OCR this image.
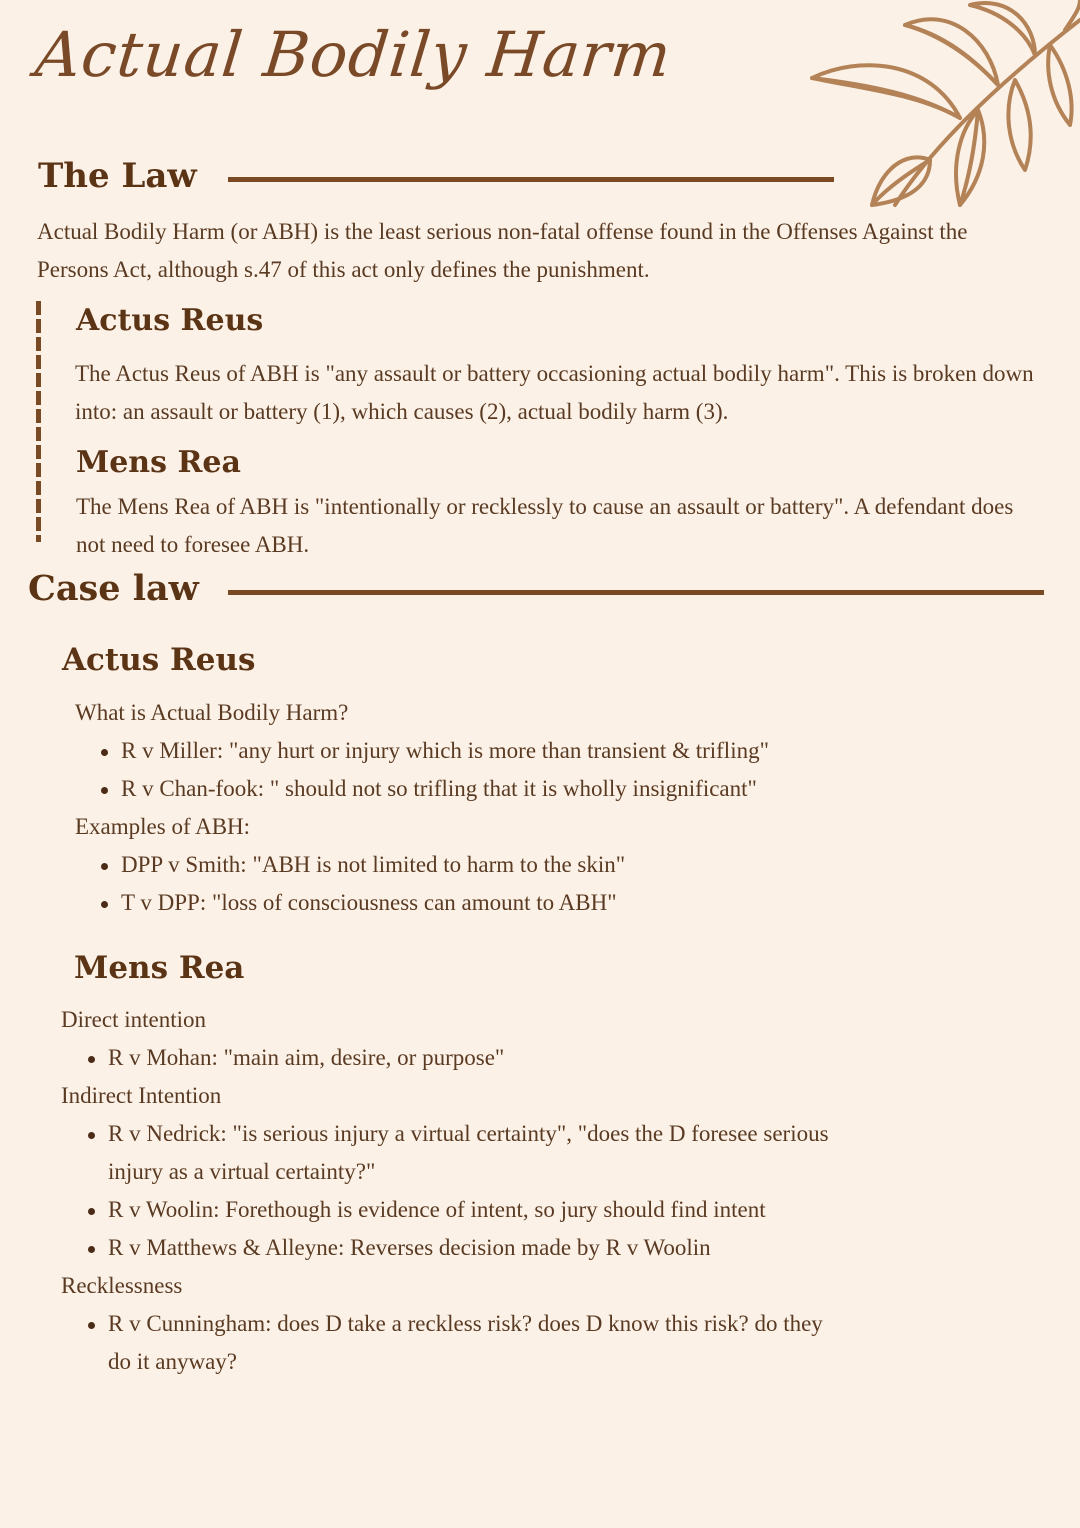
Actual Bodily Harm
The Law
Actual Bodily Harm (or ABH) is the least serious non-fatal offense found in the Offenses Against the Persons Act, although s.47 of this act only defines the punishment.
Actus Reus
The Actus Reus of ABH is "any assault or battery occasioning actual bodily harm". This is broken down into: an assault or battery (1), which causes (2), actual bodily harm (3).
Mens Rea
The Mens Rea of ABH is "intentionally or recklessly to cause an assault or battery". A defendant does not need to foresee ABH.
Case law
Actus Reus
What is Actual Bodily Harm?
R v Miller: "any hurt or injury which is more than transient & trifling"
R v Chan-fook: " should not so trifling that it is wholly insignificant"
Examples of ABH:
DPP v Smith: "ABH is not limited to harm to the skin"
T v DPP: "loss of consciousness can amount to ABH"
Mens Rea
Direct intention
R v Mohan: "main aim, desire, or purpose"
Indirect Intention
R v Nedrick: "is serious injury a virtual certainty", "does the D foresee serious
injury as a virtual certainty?"
R v Woolin: Forethough is evidence of intent, so jury should find intent
R v Matthews & Alleyne: Reverses decision made by R v Woolin
Recklessness
R v Cunningham: does D take a reckless risk? does D know this risk? do they
do it anyway?
